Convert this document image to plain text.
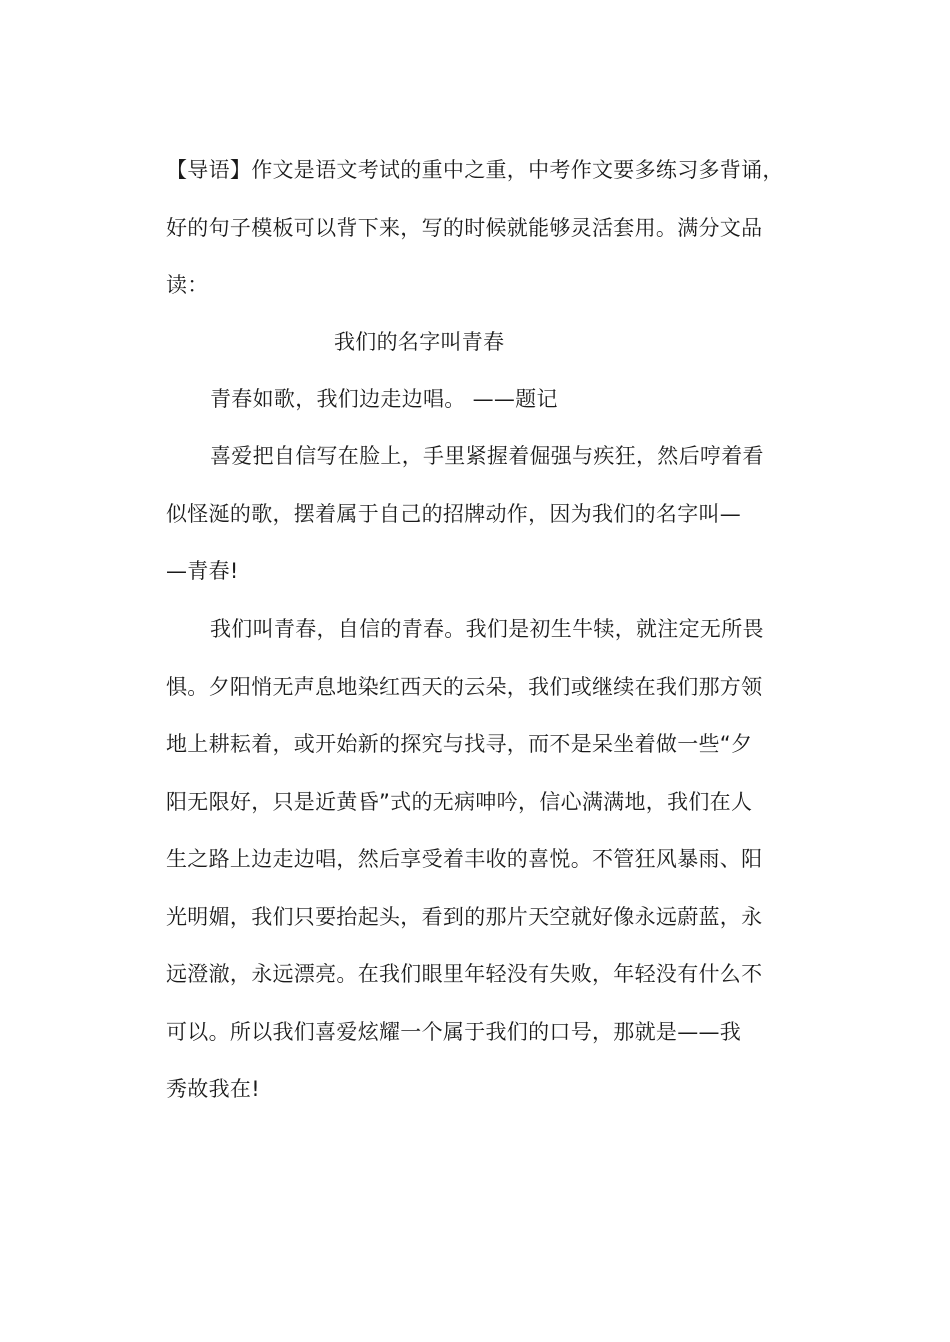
【导语】作文是语文考试的重中之重，中考作文要多练习多背诵，
好的句子模板可以背下来，写的时候就能够灵活套用。满分文品
读：
我们的名字叫青春
青春如歌，我们边走边唱。 ——题记
喜爱把自信写在脸上，手里紧握着倔强与疾狂，然后哼着看
似怪涎的歌，摆着属于自己的招牌动作，因为我们的名字叫—
—青春!
我们叫青春，自信的青春。我们是初生牛犊，就注定无所畏
惧。夕阳悄无声息地染红西天的云朵，我们或继续在我们那方领
地上耕耘着，或开始新的探究与找寻，而不是呆坐着做一些“夕
阳无限好，只是近黄昏”式的无病呻吟，信心满满地，我们在人
生之路上边走边唱，然后享受着丰收的喜悦。不管狂风暴雨、阳
光明媚，我们只要抬起头，看到的那片天空就好像永远蔚蓝，永
远澄澈，永远漂亮。在我们眼里年轻没有失败，年轻没有什么不
可以。所以我们喜爱炫耀一个属于我们的口号，那就是——我
秀故我在!
